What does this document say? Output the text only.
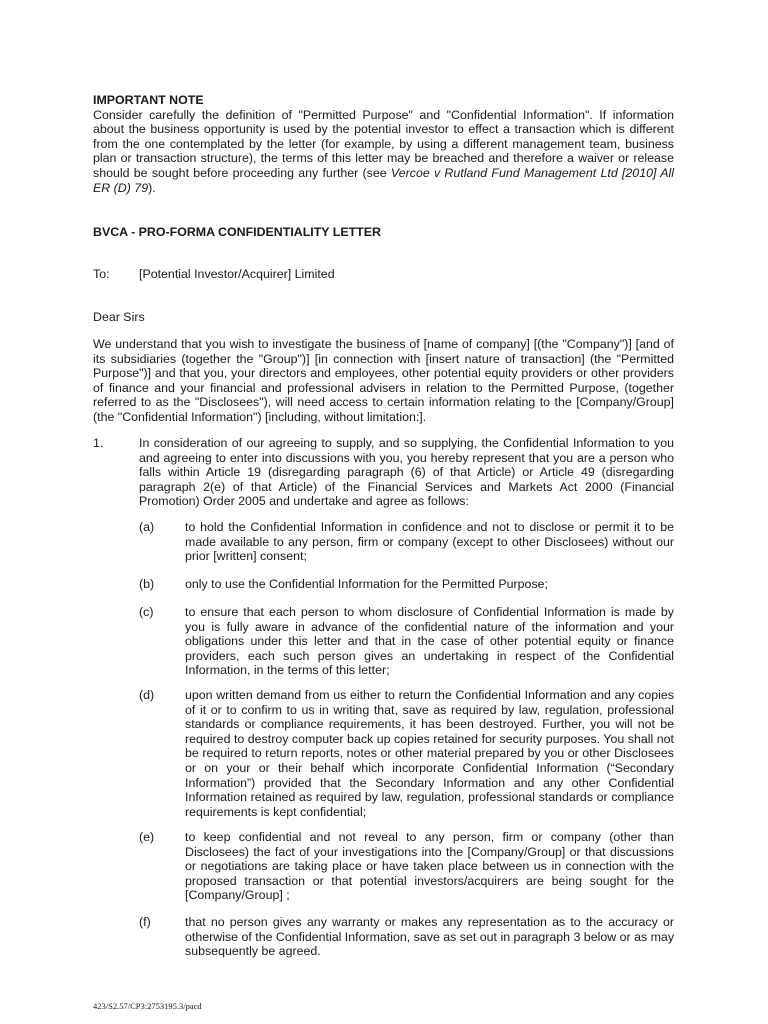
IMPORTANT NOTE

Consider carefully the definition of "Permitted Purpose" and "Confidential Information". If information about the business opportunity is used by the potential investor to effect a transaction which is different from the one contemplated by the letter (for example, by using a different management team, business plan or transaction structure), the terms of this letter may be breached and therefore a waiver or release should be sought before proceeding any further (see Vercoe v Rutland Fund Management Ltd [2010] All ER (D) 79).

BVCA - PRO-FORMA CONFIDENTIALITY LETTER

To: [Potential Investor/Acquirer] Limited

Dear Sirs

We understand that you wish to investigate the business of [name of company] [(the "Company")] [and of its subsidiaries (together the "Group")] [in connection with [insert nature of transaction] (the "Permitted Purpose")] and that you, your directors and employees, other potential equity providers or other providers of finance and your financial and professional advisers in relation to the Permitted Purpose, (together referred to as the "Disclosees"), will need access to certain information relating to the [Company/Group] (the "Confidential Information") [including, without limitation:].

1.	In consideration of our agreeing to supply, and so supplying, the Confidential Information to you and agreeing to enter into discussions with you, you hereby represent that you are a person who falls within Article 19 (disregarding paragraph (6) of that Article) or Article 49 (disregarding paragraph 2(e) of that Article) of the Financial Services and Markets Act 2000 (Financial Promotion) Order 2005 and undertake and agree as follows:

(a) to hold the Confidential Information in confidence and not to disclose or permit it to be made available to any person, firm or company (except to other Disclosees) without our prior [written] consent;

(b) only to use the Confidential Information for the Permitted Purpose;

(c)	to ensure that each person to whom disclosure of Confidential Information is made by you is fully aware in advance of the confidential nature of the information and your obligations under this letter and that in the case of other potential equity or finance providers, each such person gives an undertaking in respect of the Confidential Information, in the terms of this letter;

(d) upon written demand from us either to return the Confidential Information and any copies of it or to confirm to us in writing that, save as required by law, regulation, professional standards or compliance requirements, it has been destroyed. Further, you will not be required to destroy computer back up copies retained for security purposes. You shall not be required to return reports, notes or other material prepared by you or other Disclosees or on your or their behalf which incorporate Confidential Information (“Secondary Information”) provided that the Secondary Information and any other Confidential Information retained as required by law, regulation, professional standards or compliance requirements is kept confidential;

(e) to keep confidential and not reveal to any person, firm or company (other than Disclosees) the fact of your investigations into the [Company/Group] or that discussions or negotiations are taking place or have taken place between us in connection with the proposed transaction or that potential investors/acquirers are being sought for the [Company/Group] ;

(f)	that no person gives any warranty or makes any representation as to the accuracy or otherwise of the Confidential Information, save as set out in paragraph 3 below or as may subsequently be agreed.

423/S2.57/CP3:2753195.3/pacd
